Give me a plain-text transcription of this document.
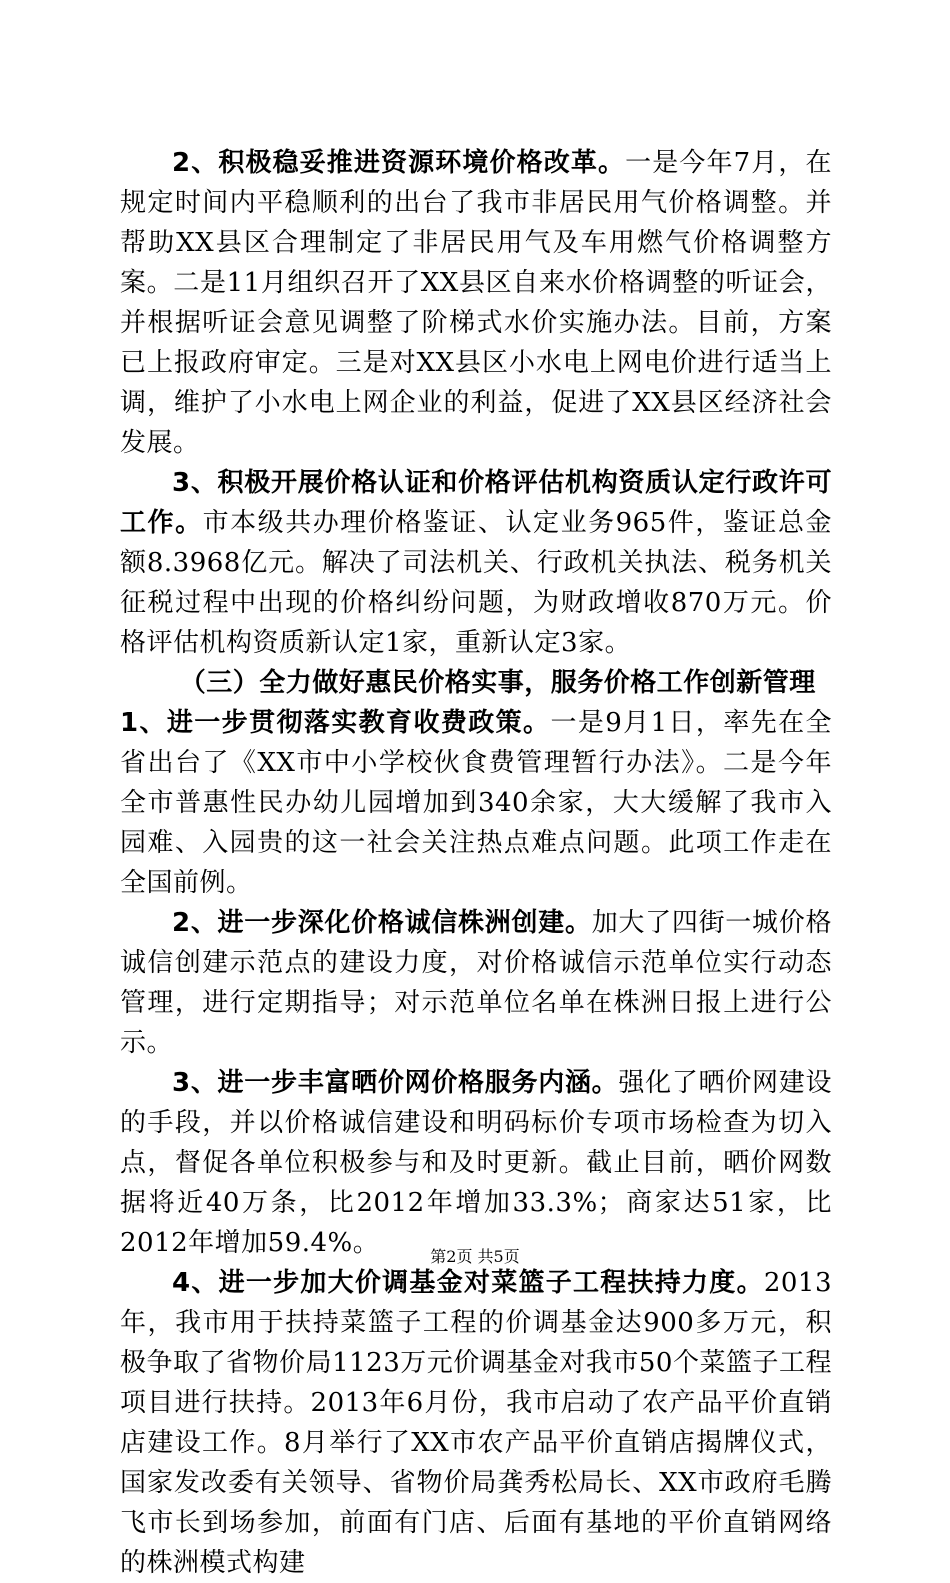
2、积极稳妥推进资源环境价格改革。一是今年7月，在规定时间内平稳顺利的出台了我市非居民用气价格调整。并帮助XX县区合理制定了非居民用气及车用燃气价格调整方案。二是11月组织召开了XX县区自来水价格调整的听证会，并根据听证会意见调整了阶梯式水价实施办法。目前，方案已上报政府审定。三是对XX县区小水电上网电价进行适当上调，维护了小水电上网企业的利益，促进了XX县区经济社会发展。

3、积极开展价格认证和价格评估机构资质认定行政许可工作。市本级共办理价格鉴证、认定业务965件，鉴证总金额8.3968亿元。解决了司法机关、行政机关执法、税务机关征税过程中出现的价格纠纷问题，为财政增收870万元。价格评估机构资质新认定1家，重新认定3家。

（三）全力做好惠民价格实事，服务价格工作创新管理

1、进一步贯彻落实教育收费政策。一是9月1日，率先在全省出台了《XX市中小学校伙食费管理暂行办法》。二是今年全市普惠性民办幼儿园增加到340余家，大大缓解了我市入园难、入园贵的这一社会关注热点难点问题。此项工作走在全国前例。

2、进一步深化价格诚信株洲创建。加大了四街一城价格诚信创建示范点的建设力度，对价格诚信示范单位实行动态管理，进行定期指导；对示范单位名单在株洲日报上进行公示。

3、进一步丰富晒价网价格服务内涵。强化了晒价网建设的手段，并以价格诚信建设和明码标价专项市场检查为切入点，督促各单位积极参与和及时更新。截止目前，晒价网数据将近40万条，比2012年增加33.3%；商家达51家，比2012年增加59.4%。

4、进一步加大价调基金对菜篮子工程扶持力度。2013年，我市用于扶持菜篮子工程的价调基金达900多万元，积极争取了省物价局1123万元价调基金对我市50个菜篮子工程项目进行扶持。2013年6月份，我市启动了农产品平价直销店建设工作。8月举行了XX市农产品平价直销店揭牌仪式，国家发改委有关领导、省物价局龚秀松局长、XX市政府毛腾飞市长到场参加，前面有门店、后面有基地的平价直销网络的株洲模式构建

第2页 共5页
